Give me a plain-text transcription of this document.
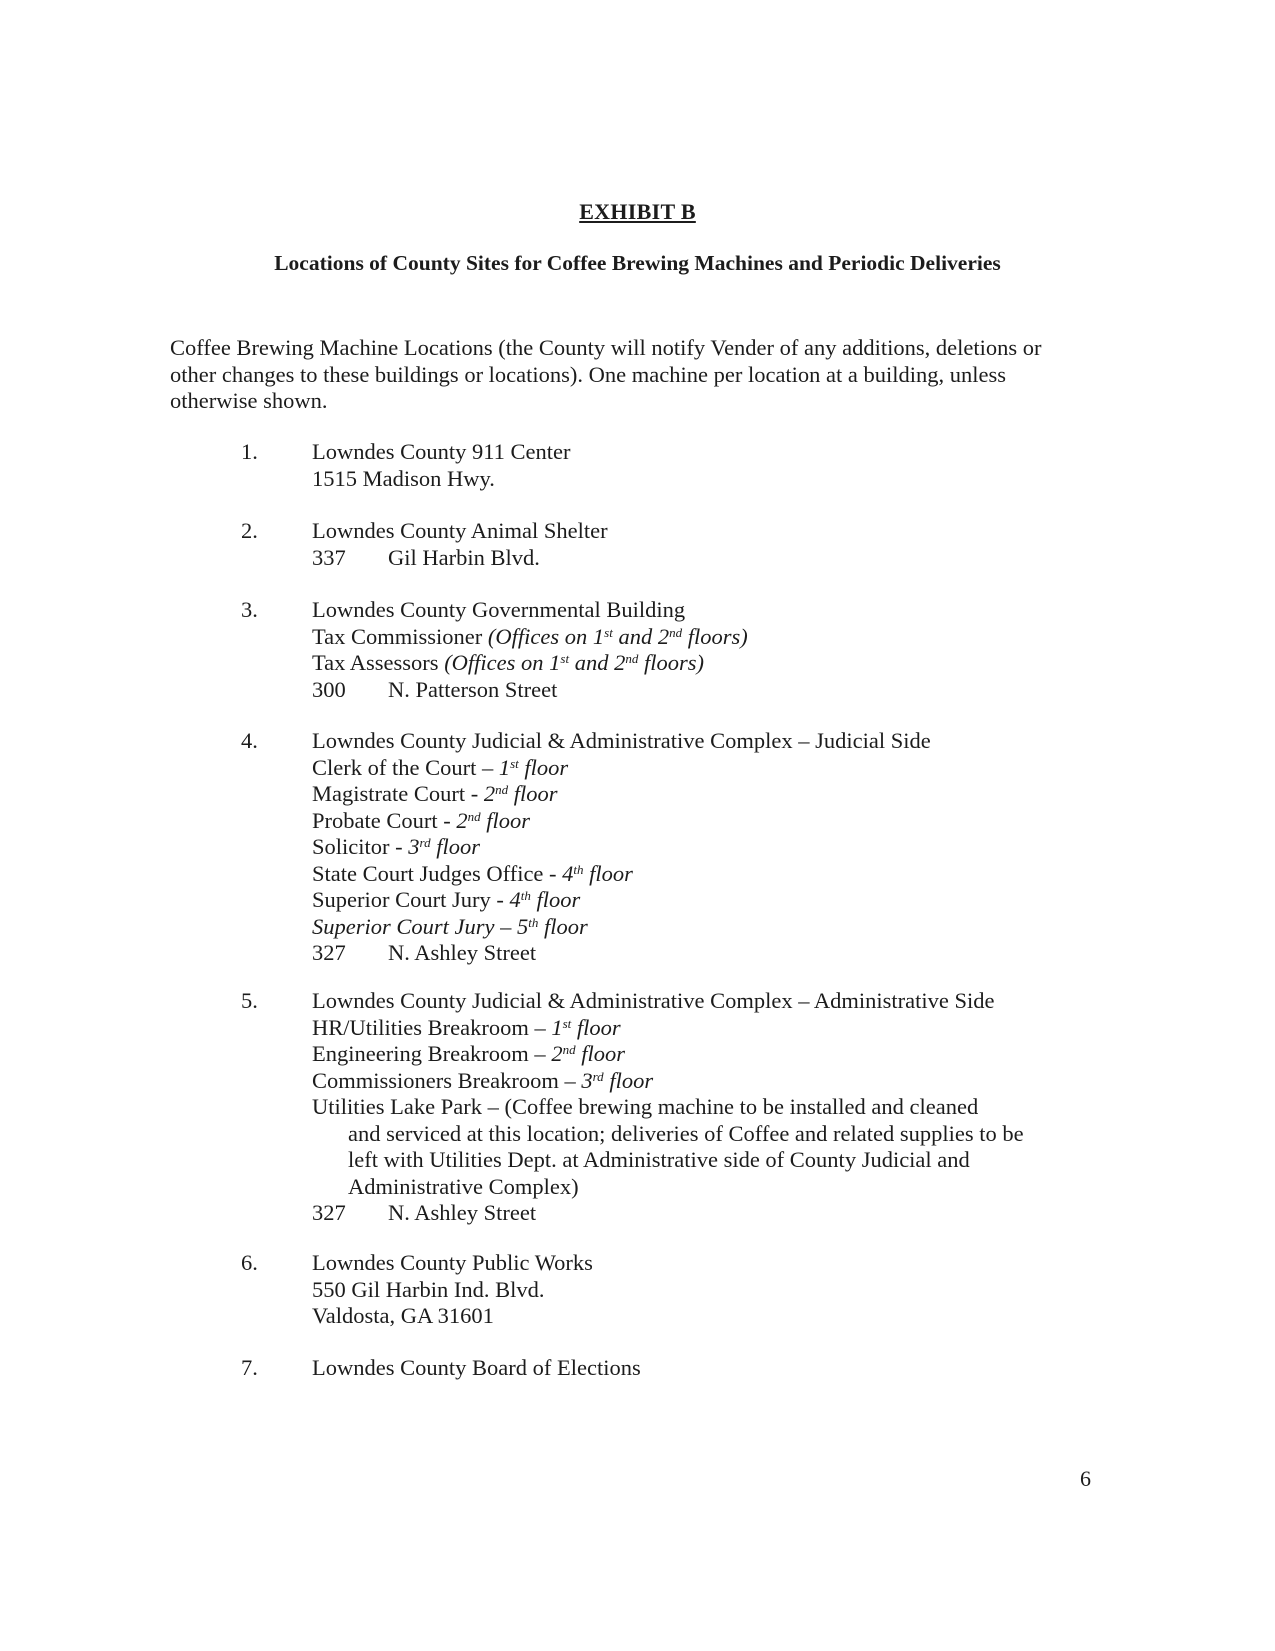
EXHIBIT B
Locations of County Sites for Coffee Brewing Machines and Periodic Deliveries
Coffee Brewing Machine Locations (the County will notify Vender of any additions, deletions or
other changes to these buildings or locations). One machine per location at a building, unless
otherwise shown.
1. Lowndes County 911 Center
1515 Madison Hwy.
2. Lowndes County Animal Shelter
337 Gil Harbin Blvd.
3. Lowndes County Governmental Building
Tax Commissioner (Offices on 1st and 2nd floors)
Tax Assessors (Offices on 1st and 2nd floors)
300 N. Patterson Street
4. Lowndes County Judicial & Administrative Complex – Judicial Side
Clerk of the Court – 1st floor
Magistrate Court - 2nd floor
Probate Court - 2nd floor
Solicitor - 3rd floor
State Court Judges Office - 4th floor
Superior Court Jury - 4th floor
Superior Court Jury – 5th floor
327 N. Ashley Street
5. Lowndes County Judicial & Administrative Complex – Administrative Side
HR/Utilities Breakroom – 1st floor
Engineering Breakroom – 2nd floor
Commissioners Breakroom – 3rd floor
Utilities Lake Park – (Coffee brewing machine to be installed and cleaned
and serviced at this location; deliveries of Coffee and related supplies to be
left with Utilities Dept. at Administrative side of County Judicial and
Administrative Complex)
327 N. Ashley Street
6. Lowndes County Public Works
550 Gil Harbin Ind. Blvd.
Valdosta, GA 31601
7. Lowndes County Board of Elections
6
